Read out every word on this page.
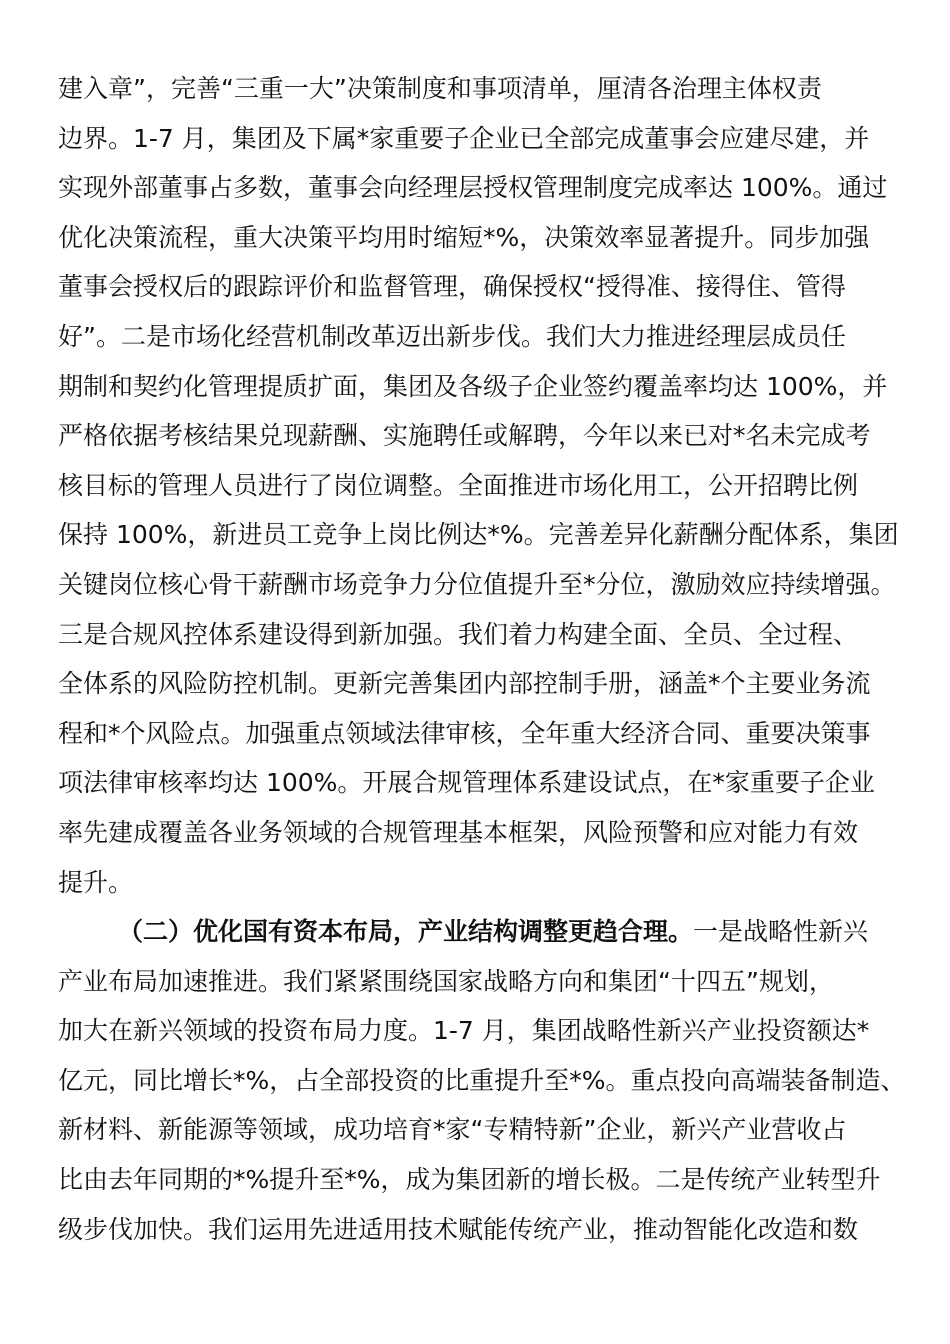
建入章”，完善“三重一大”决策制度和事项清单，厘清各治理主体权责
边界。1-7 月，集团及下属*家重要子企业已全部完成董事会应建尽建，并
实现外部董事占多数，董事会向经理层授权管理制度完成率达 100%。通过
优化决策流程，重大决策平均用时缩短*%，决策效率显著提升。同步加强
董事会授权后的跟踪评价和监督管理，确保授权“授得准、接得住、管得
好”。二是市场化经营机制改革迈出新步伐。我们大力推进经理层成员任
期制和契约化管理提质扩面，集团及各级子企业签约覆盖率均达 100%，并
严格依据考核结果兑现薪酬、实施聘任或解聘，今年以来已对*名未完成考
核目标的管理人员进行了岗位调整。全面推进市场化用工，公开招聘比例
保持 100%，新进员工竞争上岗比例达*%。完善差异化薪酬分配体系，集团
关键岗位核心骨干薪酬市场竞争力分位值提升至*分位，激励效应持续增强。
三是合规风控体系建设得到新加强。我们着力构建全面、全员、全过程、
全体系的风险防控机制。更新完善集团内部控制手册，涵盖*个主要业务流
程和*个风险点。加强重点领域法律审核，全年重大经济合同、重要决策事
项法律审核率均达 100%。开展合规管理体系建设试点，在*家重要子企业
率先建成覆盖各业务领域的合规管理基本框架，风险预警和应对能力有效
提升。
（二）优化国有资本布局，产业结构调整更趋合理。一是战略性新兴
产业布局加速推进。我们紧紧围绕国家战略方向和集团“十四五”规划，
加大在新兴领域的投资布局力度。1-7 月，集团战略性新兴产业投资额达*
亿元，同比增长*%，占全部投资的比重提升至*%。重点投向高端装备制造、
新材料、新能源等领域，成功培育*家“专精特新”企业，新兴产业营收占
比由去年同期的*%提升至*%，成为集团新的增长极。二是传统产业转型升
级步伐加快。我们运用先进适用技术赋能传统产业，推动智能化改造和数
